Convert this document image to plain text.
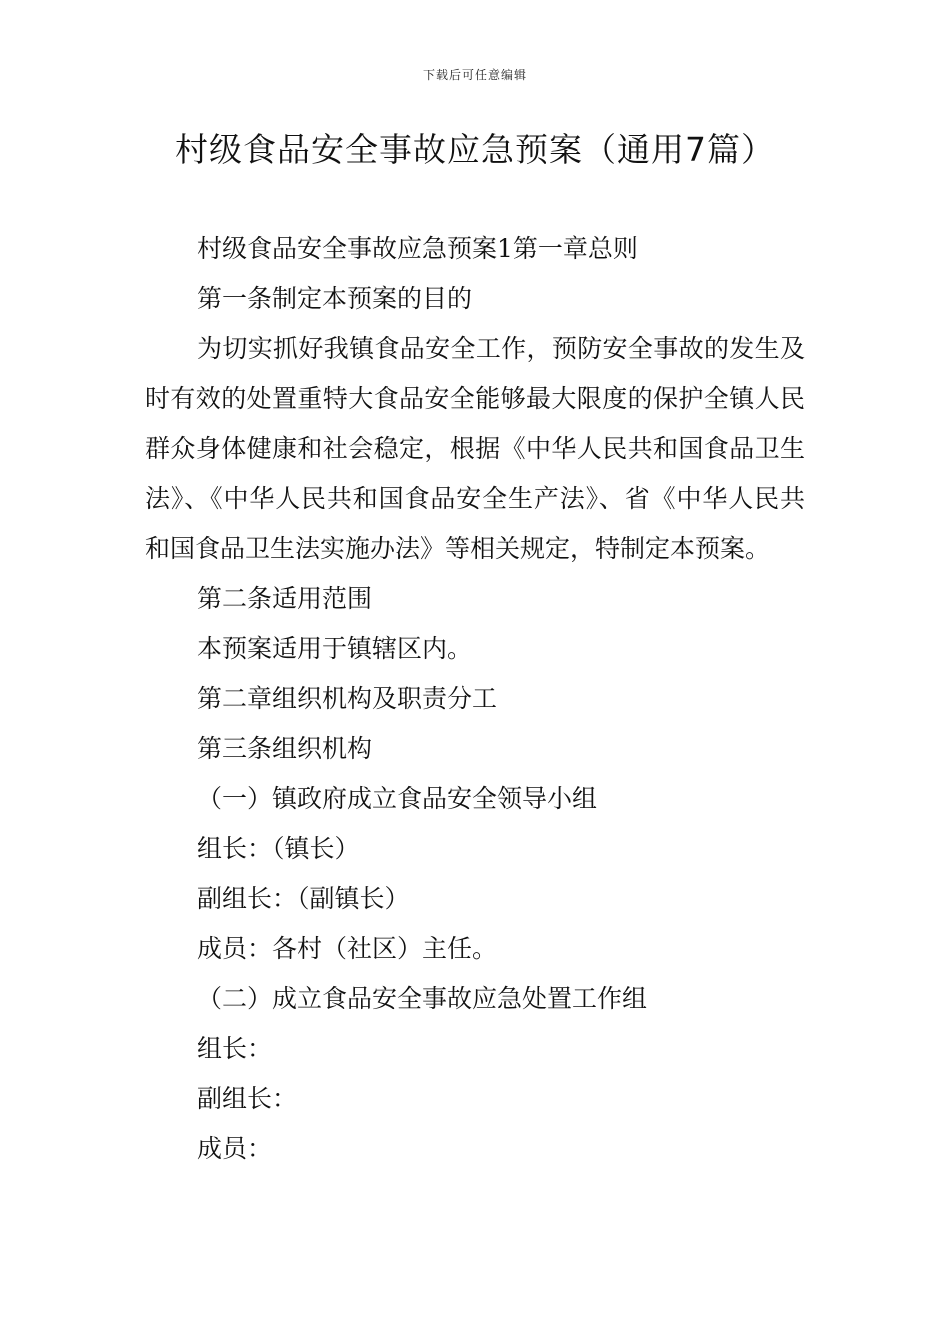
下载后可任意编辑
村级食品安全事故应急预案（通用7篇）

村级食品安全事故应急预案1第一章总则

第一条制定本预案的目的

为切实抓好我镇食品安全工作，预防安全事故的发生及时有效的处置重特大食品安全能够最大限度的保护全镇人民群众身体健康和社会稳定，根据《中华人民共和国食品卫生法》、《中华人民共和国食品安全生产法》、省《中华人民共和国食品卫生法实施办法》等相关规定，特制定本预案。

第二条适用范围

本预案适用于镇辖区内。

第二章组织机构及职责分工

第三条组织机构

（一）镇政府成立食品安全领导小组

组长：（镇长）

副组长：（副镇长）

成员：各村（社区）主任。

（二）成立食品安全事故应急处置工作组

组长：

副组长：

成员：
